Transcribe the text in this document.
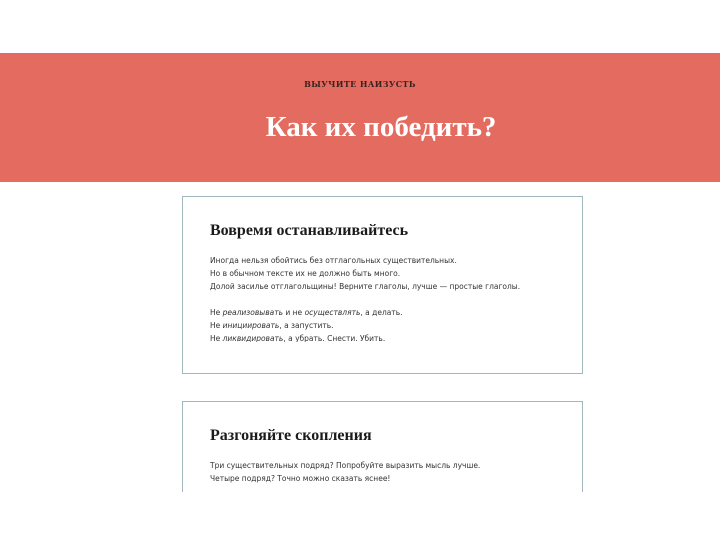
ВЫУЧИТЕ НАИЗУСТЬ
Как их победить?
Вовремя останавливайтесь
Иногда нельзя обойтись без отглагольных существительных.
Но в обычном тексте их не должно быть много.
Долой засилье отглагольщины! Верните глаголы, лучше — простые глаголы.
Не реализовывать и не осуществлять, а делать.
Не инициировать, а запустить.
Не ликвидировать, а убрать. Снести. Убить.
Разгоняйте скопления
Три существительных подряд? Попробуйте выразить мысль лучше.
Четыре подряд? Точно можно сказать яснее!
